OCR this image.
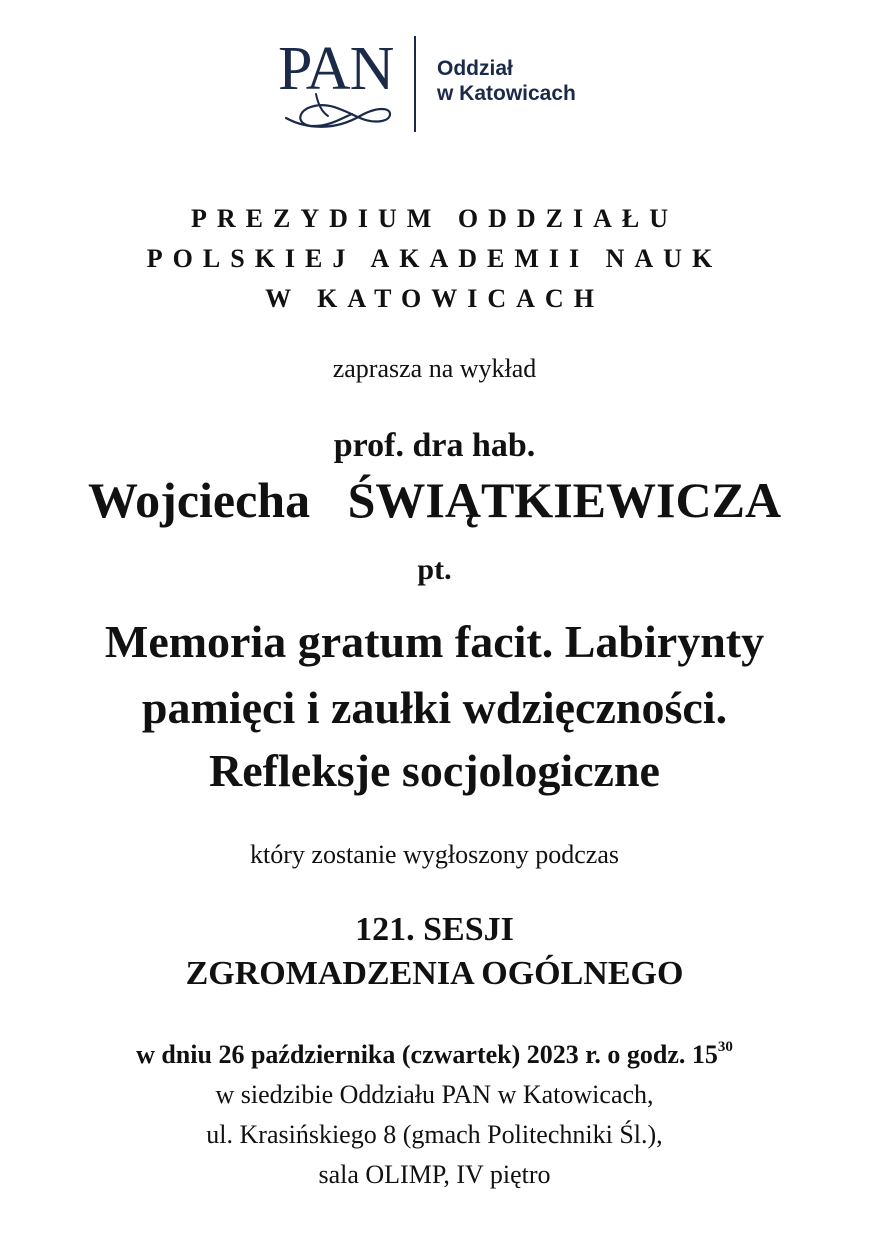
PAN Oddział
w Katowicach
PREZYDIUM ODDZIAŁU
POLSKIEJ AKADEMII NAUK
W KATOWICACH
zaprasza na wykład
prof. dra hab.
Wojciecha   ŚWIĄTKIEWICZA
pt.
Memoria gratum facit. Labirynty
pamięci i zaułki wdzięczności.
Refleksje socjologiczne
który zostanie wygłoszony podczas
121. SESJI
ZGROMADZENIA OGÓLNEGO
w dniu 26 października (czwartek) 2023 r. o godz. $15^{30}$
w siedzibie Oddziału PAN w Katowicach,
ul. Krasińskiego 8 (gmach Politechniki Śl.),
sala OLIMP, IV piętro
